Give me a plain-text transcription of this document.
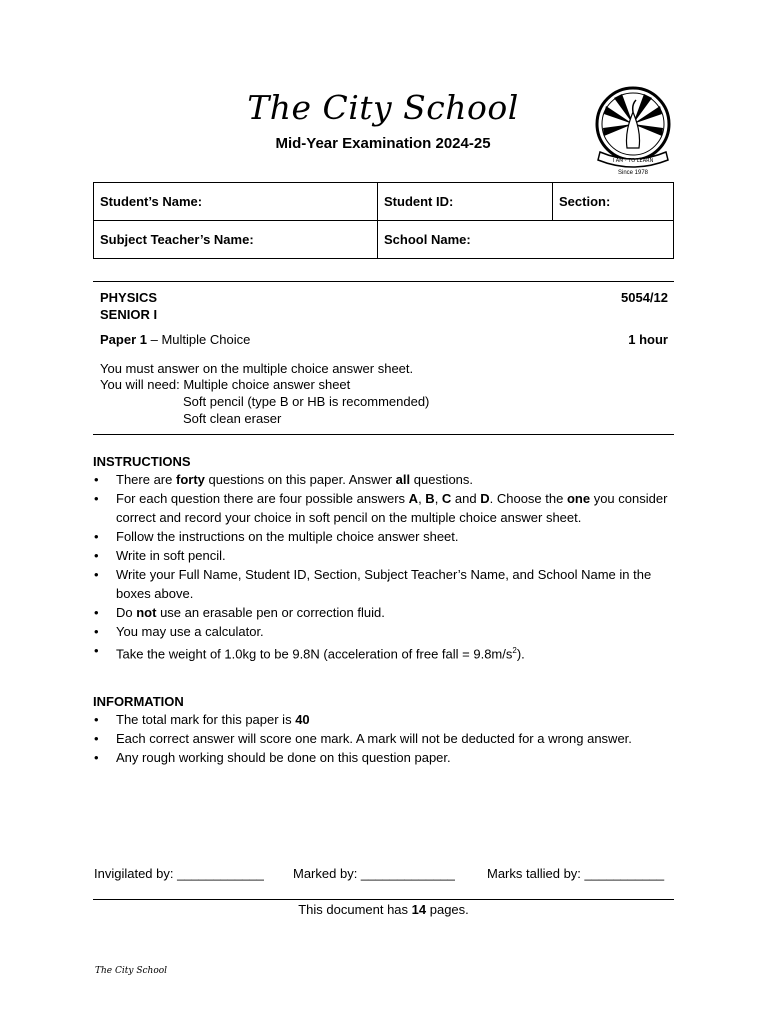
The City School
Mid-Year Examination 2024-25
I AM · TO LEARN
Since 1978
Student’s Name:	Student ID:	Section:
Subject Teacher’s Name:	School Name:	
PHYSICS	5054/12
SENIOR I
Paper 1 – Multiple Choice	1 hour
You must answer on the multiple choice answer sheet.
You will need: Multiple choice answer sheet
Soft pencil (type B or HB is recommended)
Soft clean eraser
INSTRUCTIONS
• There are forty questions on this paper. Answer all questions.
• For each question there are four possible answers A, B, C and D. Choose the one you consider correct and record your choice in soft pencil on the multiple choice answer sheet.
• Follow the instructions on the multiple choice answer sheet.
• Write in soft pencil.
• Write your Full Name, Student ID, Section, Subject Teacher’s Name, and School Name in the boxes above.
• Do not use an erasable pen or correction fluid.
• You may use a calculator.
• Take the weight of 1.0kg to be 9.8N (acceleration of free fall = $9.8m/s^2$).
INFORMATION
• The total mark for this paper is 40
• Each correct answer will score one mark. A mark will not be deducted for a wrong answer.
• Any rough working should be done on this question paper.
Invigilated by: ____________ Marked by: _____________ Marks tallied by: ___________
This document has 14 pages.
The City School
